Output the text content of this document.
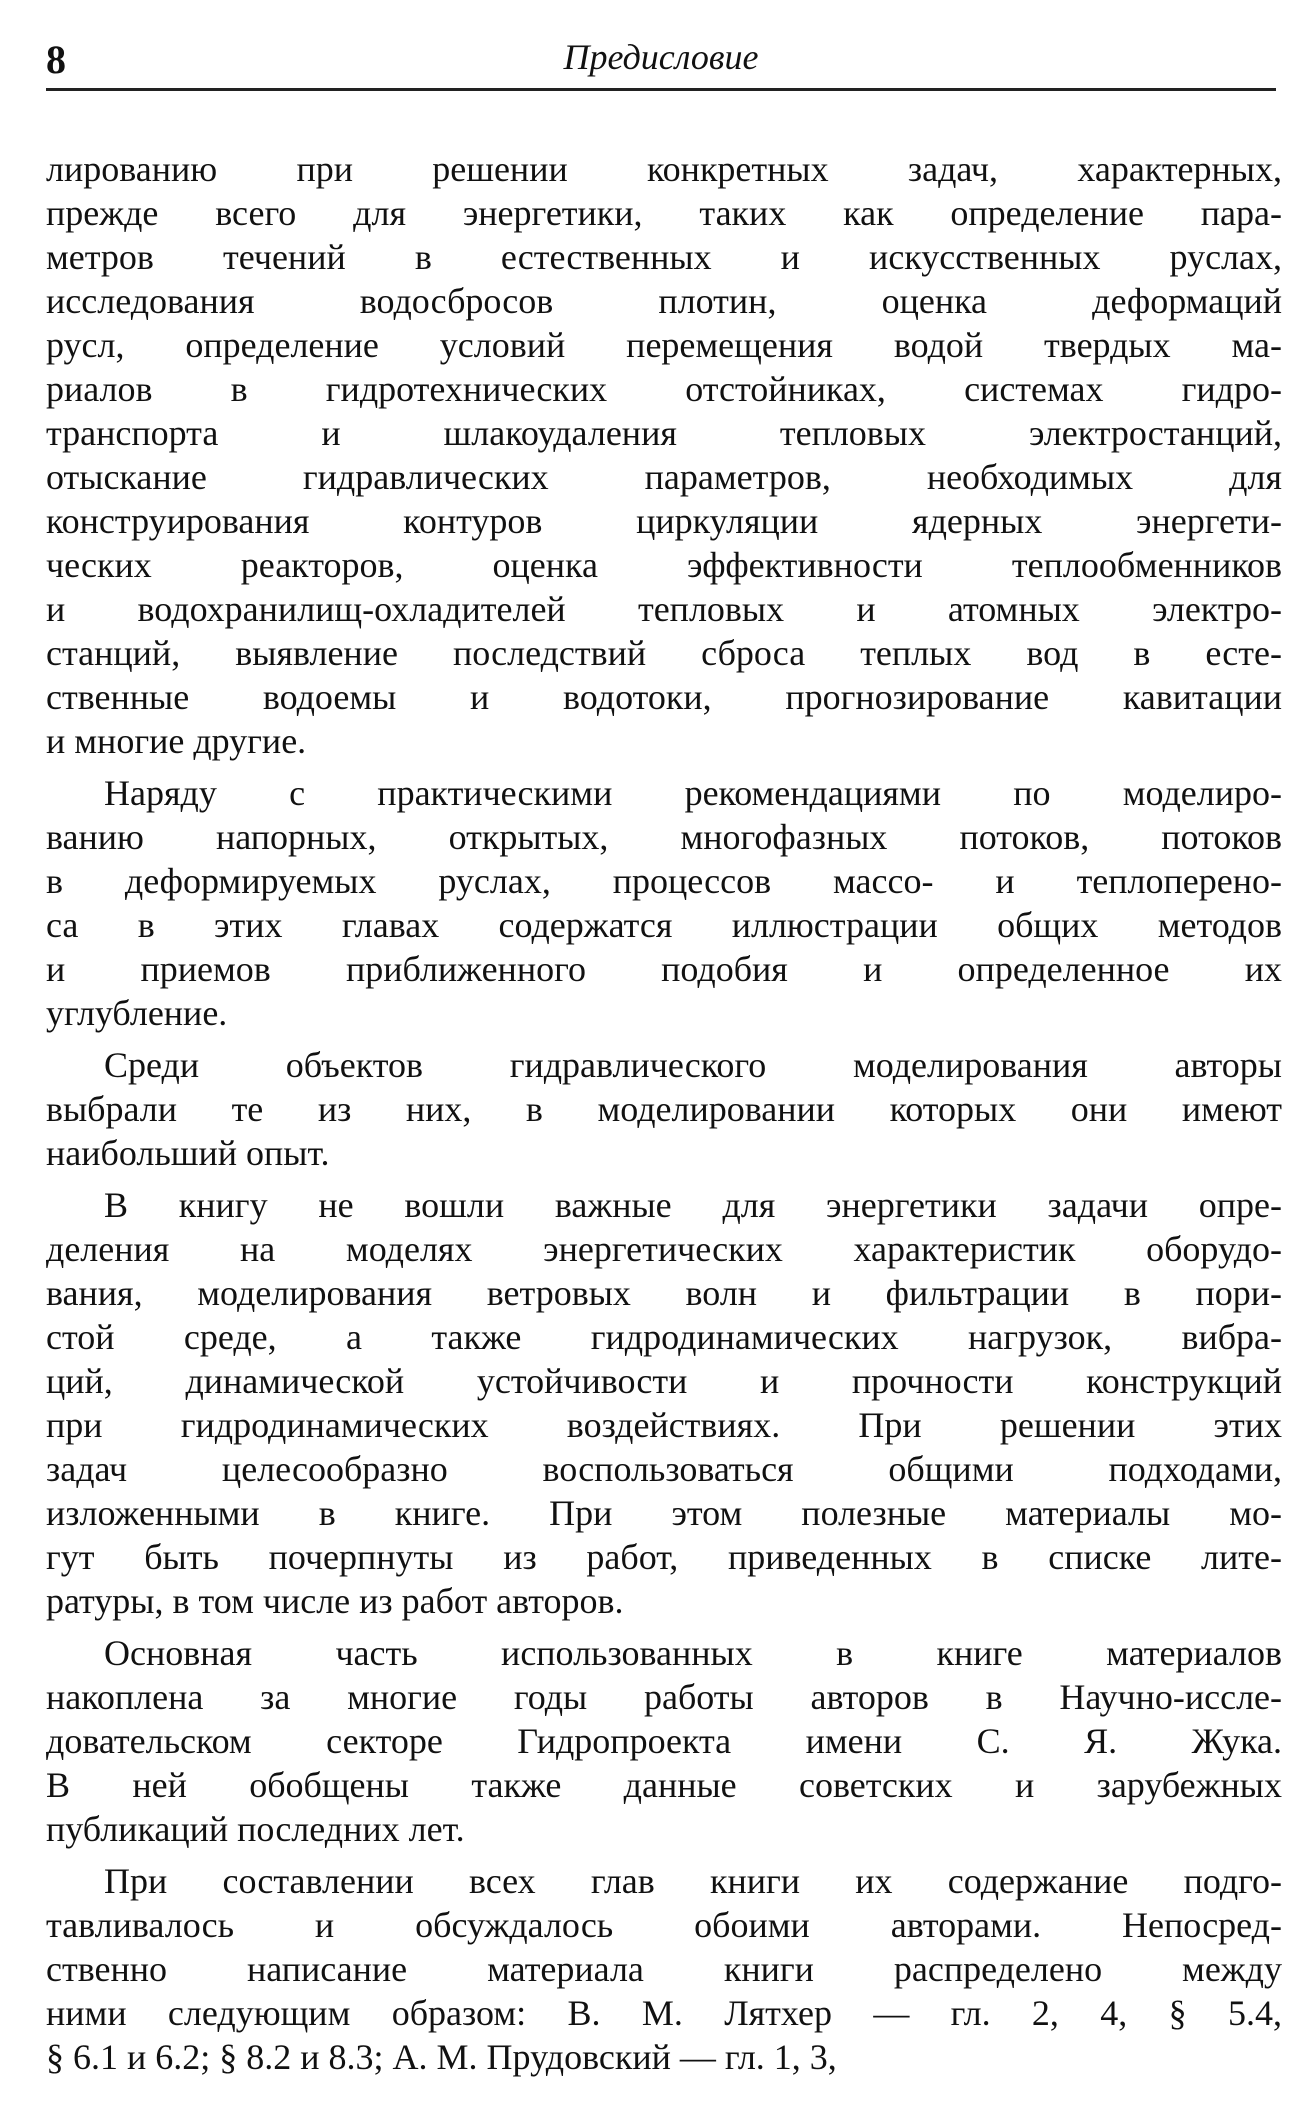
8	Предисловие
лированию при решении конкретных задач, характерных,
прежде всего для энергетики, таких как определение пара-
метров течений в естественных и искусственных руслах,
исследования водосбросов плотин, оценка деформаций
русл, определение условий перемещения водой твердых ма-
риалов в гидротехнических отстойниках, системах гидро-
транспорта и шлакоудаления тепловых электростанций,
отыскание гидравлических параметров, необходимых для
конструирования контуров циркуляции ядерных энергети-
ческих реакторов, оценка эффективности теплообменников
и водохранилищ-охладителей тепловых и атомных электро-
станций, выявление последствий сброса теплых вод в есте-
ственные водоемы и водотоки, прогнозирование кавитации
и многие другие.
Наряду с практическими рекомендациями по моделиро-
ванию напорных, открытых, многофазных потоков, потоков
в деформируемых руслах, процессов массо- и теплоперено-
са в этих главах содержатся иллюстрации общих методов
и приемов приближенного подобия и определенное их
углубление.
Среди объектов гидравлического моделирования авторы
выбрали те из них, в моделировании которых они имеют
наибольший опыт.
В книгу не вошли важные для энергетики задачи опре-
деления на моделях энергетических характеристик оборудо-
вания, моделирования ветровых волн и фильтрации в пори-
стой среде, а также гидродинамических нагрузок, вибра-
ций, динамической устойчивости и прочности конструкций
при гидродинамических воздействиях. При решении этих
задач целесообразно воспользоваться общими подходами,
изложенными в книге. При этом полезные материалы мо-
гут быть почерпнуты из работ, приведенных в списке лите-
ратуры, в том числе из работ авторов.
Основная часть использованных в книге материалов
накоплена за многие годы работы авторов в Научно-иссле-
довательском секторе Гидропроекта имени С. Я. Жука.
В ней обобщены также данные советских и зарубежных
публикаций последних лет.
При составлении всех глав книги их содержание подго-
тавливалось и обсуждалось обоими авторами. Непосред-
ственно написание материала книги распределено между
ними следующим образом: В. М. Лятхер — гл. 2, 4, § 5.4,
§ 6.1 и 6.2; § 8.2 и 8.3; А. М. Прудовский — гл. 1, 3,
